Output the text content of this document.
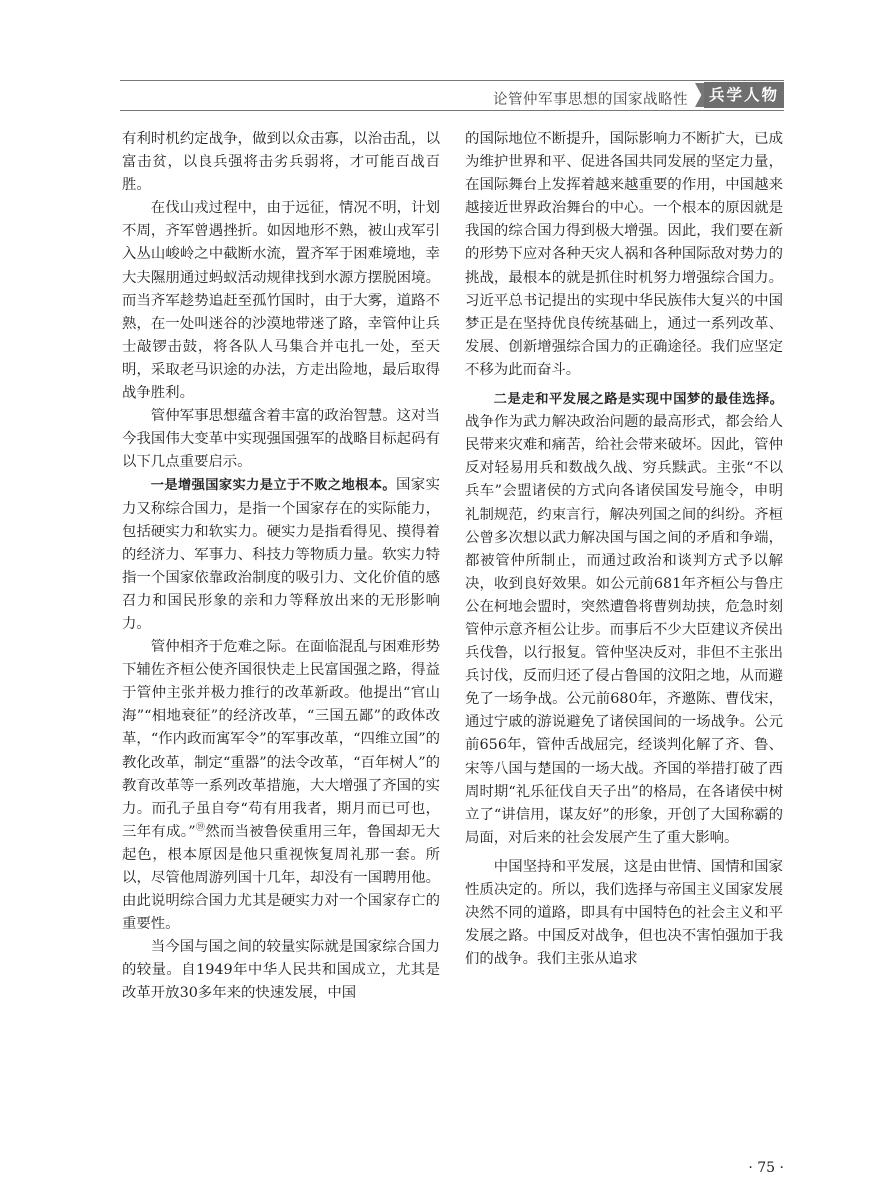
论管仲军事思想的国家战略性	兵学人物

有利时机约定战争，做到以众击寡，以治击乱，以富击贫，以良兵强将击劣兵弱将，才可能百战百胜。

在伐山戎过程中，由于远征，情况不明，计划不周，齐军曾遇挫折。如因地形不熟，被山戎军引入丛山峻岭之中截断水流，置齐军于困难境地，幸大夫隰朋通过蚂蚁活动规律找到水源方摆脱困境。而当齐军趁势追赶至孤竹国时，由于大雾，道路不熟，在一处叫迷谷的沙漠地带迷了路，幸管仲让兵士敲锣击鼓，将各队人马集合并屯扎一处，至天明，采取老马识途的办法，方走出险地，最后取得战争胜利。

管仲军事思想蕴含着丰富的政治智慧。这对当今我国伟大变革中实现强国强军的战略目标起码有以下几点重要启示。

一是增强国家实力是立于不败之地根本。国家实力又称综合国力，是指一个国家存在的实际能力，包括硬实力和软实力。硬实力是指看得见、摸得着的经济力、军事力、科技力等物质力量。软实力特指一个国家依靠政治制度的吸引力、文化价值的感召力和国民形象的亲和力等释放出来的无形影响力。

管仲相齐于危难之际。在面临混乱与困难形势下辅佐齐桓公使齐国很快走上民富国强之路，得益于管仲主张并极力推行的改革新政。他提出“官山海”“相地衰征”的经济改革，“三国五鄙”的政体改革，“作内政而寓军令”的军事改革，“四维立国”的教化改革，制定“重器”的法令改革，“百年树人”的教育改革等一系列改革措施，大大增强了齐国的实力。而孔子虽自夸“苟有用我者，期月而已可也，三年有成。”⑲然而当被鲁侯重用三年，鲁国却无大起色，根本原因是他只重视恢复周礼那一套。所以，尽管他周游列国十几年，却没有一国聘用他。由此说明综合国力尤其是硬实力对一个国家存亡的重要性。

当今国与国之间的较量实际就是国家综合国力的较量。自1949年中华人民共和国成立，尤其是改革开放30多年来的快速发展，中国

的国际地位不断提升，国际影响力不断扩大，已成为维护世界和平、促进各国共同发展的坚定力量，在国际舞台上发挥着越来越重要的作用，中国越来越接近世界政治舞台的中心。一个根本的原因就是我国的综合国力得到极大增强。因此，我们要在新的形势下应对各种天灾人祸和各种国际敌对势力的挑战，最根本的就是抓住时机努力增强综合国力。习近平总书记提出的实现中华民族伟大复兴的中国梦正是在坚持优良传统基础上，通过一系列改革、发展、创新增强综合国力的正确途径。我们应坚定不移为此而奋斗。

二是走和平发展之路是实现中国梦的最佳选择。战争作为武力解决政治问题的最高形式，都会给人民带来灾难和痛苦，给社会带来破坏。因此，管仲反对轻易用兵和数战久战、穷兵黩武。主张“不以兵车”会盟诸侯的方式向各诸侯国发号施令，申明礼制规范，约束言行，解决列国之间的纠纷。齐桓公曾多次想以武力解决国与国之间的矛盾和争端，都被管仲所制止，而通过政治和谈判方式予以解决，收到良好效果。如公元前681年齐桓公与鲁庄公在柯地会盟时，突然遭鲁将曹刿劫挟，危急时刻管仲示意齐桓公让步。而事后不少大臣建议齐侯出兵伐鲁，以行报复。管仲坚决反对，非但不主张出兵讨伐，反而归还了侵占鲁国的汶阳之地，从而避免了一场争战。公元前680年，齐邀陈、曹伐宋，通过宁戚的游说避免了诸侯国间的一场战争。公元前656年，管仲舌战屈完，经谈判化解了齐、鲁、宋等八国与楚国的一场大战。齐国的举措打破了西周时期“礼乐征伐自天子出”的格局，在各诸侯中树立了“讲信用，谋友好”的形象，开创了大国称霸的局面，对后来的社会发展产生了重大影响。

中国坚持和平发展，这是由世情、国情和国家性质决定的。所以，我们选择与帝国主义国家发展决然不同的道路，即具有中国特色的社会主义和平发展之路。中国反对战争，但也决不害怕强加于我们的战争。我们主张从追求

· 75 ·
